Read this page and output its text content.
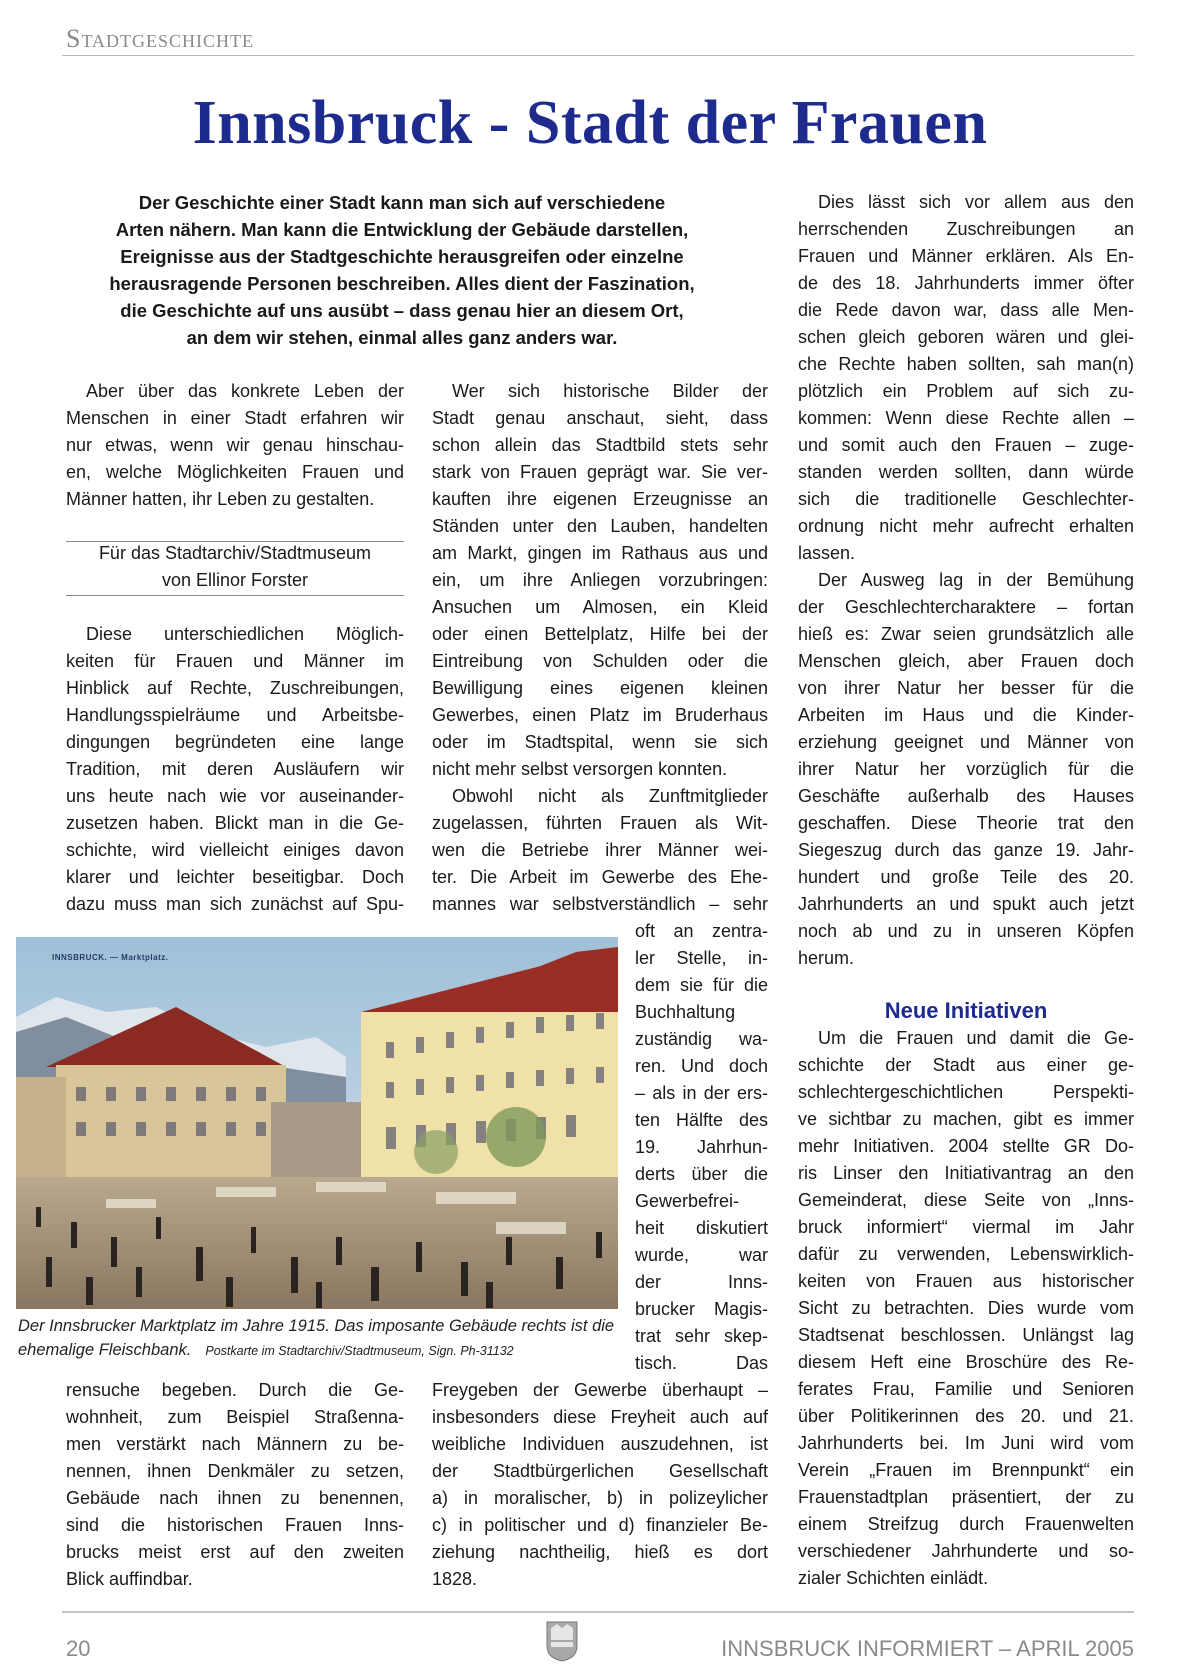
Stadtgeschichte
Innsbruck - Stadt der Frauen
Der Geschichte einer Stadt kann man sich auf verschiedene
Arten nähern. Man kann die Entwicklung der Gebäude darstellen,
Ereignisse aus der Stadtgeschichte herausgreifen oder einzelne
herausragende Personen beschreiben. Alles dient der Faszination,
die Geschichte auf uns ausübt – dass genau hier an diesem Ort,
an dem wir stehen, einmal alles ganz anders war.
Aber über das konkrete Leben der
Menschen in einer Stadt erfahren wir
nur etwas, wenn wir genau hinschau-
en, welche Möglichkeiten Frauen und
Männer hatten, ihr Leben zu gestalten.
Für das Stadtarchiv/Stadtmuseum
von Ellinor Forster
Diese unterschiedlichen Möglich-
keiten für Frauen und Männer im
Hinblick auf Rechte, Zuschreibungen,
Handlungsspielräume und Arbeitsbe-
dingungen begründeten eine lange
Tradition, mit deren Ausläufern wir
uns heute nach wie vor auseinander-
zusetzen haben. Blickt man in die Ge-
schichte, wird vielleicht einiges davon
klarer und leichter beseitigbar. Doch
dazu muss man sich zunächst auf Spu-
rensuche begeben. Durch die Ge-
wohnheit, zum Beispiel Straßenna-
men verstärkt nach Männern zu be-
nennen, ihnen Denkmäler zu setzen,
Gebäude nach ihnen zu benennen,
sind die historischen Frauen Inns-
brucks meist erst auf den zweiten
Blick auffindbar.
Wer sich historische Bilder der
Stadt genau anschaut, sieht, dass
schon allein das Stadtbild stets sehr
stark von Frauen geprägt war. Sie ver-
kauften ihre eigenen Erzeugnisse an
Ständen unter den Lauben, handelten
am Markt, gingen im Rathaus aus und
ein, um ihre Anliegen vorzubringen:
Ansuchen um Almosen, ein Kleid
oder einen Bettelplatz, Hilfe bei der
Eintreibung von Schulden oder die
Bewilligung eines eigenen kleinen
Gewerbes, einen Platz im Bruderhaus
oder im Stadtspital, wenn sie sich
nicht mehr selbst versorgen konnten.
Obwohl nicht als Zunftmitglieder
zugelassen, führten Frauen als Wit-
wen die Betriebe ihrer Männer wei-
ter. Die Arbeit im Gewerbe des Ehe-
mannes war selbstverständlich – sehr
oft an zentra-
ler Stelle, in-
dem sie für die
Buchhaltung
zuständig wa-
ren. Und doch
– als in der ers-
ten Hälfte des
19. Jahrhun-
derts über die
Gewerbefrei-
heit diskutiert
wurde, war
der Inns-
brucker Magis-
trat sehr skep-
tisch. Das
Freygeben der Gewerbe überhaupt –
insbesonders diese Freyheit auch auf
weibliche Individuen auszudehnen, ist
der Stadtbürgerlichen Gesellschaft
a) in moralischer, b) in polizeylicher
c) in politischer und d) finanzieler Be-
ziehung nachtheilig, hieß es dort
1828.
Dies lässt sich vor allem aus den
herrschenden Zuschreibungen an
Frauen und Männer erklären. Als En-
de des 18. Jahrhunderts immer öfter
die Rede davon war, dass alle Men-
schen gleich geboren wären und glei-
che Rechte haben sollten, sah man(n)
plötzlich ein Problem auf sich zu-
kommen: Wenn diese Rechte allen –
und somit auch den Frauen – zuge-
standen werden sollten, dann würde
sich die traditionelle Geschlechter-
ordnung nicht mehr aufrecht erhalten
lassen.
Der Ausweg lag in der Bemühung
der Geschlechtercharaktere – fortan
hieß es: Zwar seien grundsätzlich alle
Menschen gleich, aber Frauen doch
von ihrer Natur her besser für die
Arbeiten im Haus und die Kinder-
erziehung geeignet und Männer von
ihrer Natur her vorzüglich für die
Geschäfte außerhalb des Hauses
geschaffen. Diese Theorie trat den
Siegeszug durch das ganze 19. Jahr-
hundert und große Teile des 20.
Jahrhunderts an und spukt auch jetzt
noch ab und zu in unseren Köpfen
herum.
Um die Frauen und damit die Ge-
schichte der Stadt aus einer ge-
schlechtergeschichtlichen Perspekti-
ve sichtbar zu machen, gibt es immer
mehr Initiativen. 2004 stellte GR Do-
ris Linser den Initiativantrag an den
Gemeinderat, diese Seite von „Inns-
bruck informiert“ viermal im Jahr
dafür zu verwenden, Lebenswirklich-
keiten von Frauen aus historischer
Sicht zu betrachten. Dies wurde vom
Stadtsenat beschlossen. Unlängst lag
diesem Heft eine Broschüre des Re-
ferates Frau, Familie und Senioren
über Politikerinnen des 20. und 21.
Jahrhunderts bei. Im Juni wird vom
Verein „Frauen im Brennpunkt“ ein
Frauenstadtplan präsentiert, der zu
einem Streifzug durch Frauenwelten
verschiedener Jahrhunderte und so-
zialer Schichten einlädt.
Neue Initiativen
INNSBRUCK. — Marktplatz.
Der Innsbrucker Marktplatz im Jahre 1915. Das imposante Gebäude rechts ist die ehemalige Fleischbank. Postkarte im Stadtarchiv/Stadtmuseum, Sign. Ph-31132
20	INNSBRUCK INFORMIERT – APRIL 2005
